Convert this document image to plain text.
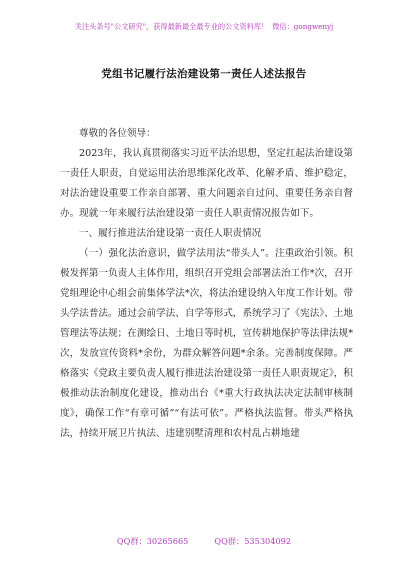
关注头条号"公文研究"，获得最新最全最专业的公文资料库！ 微信：gongwenyj
党组书记履行法治建设第一责任人述法报告

尊敬的各位领导：

2023年，我认真贯彻落实习近平法治思想，坚定扛起法治建设第一责任人职责，自觉运用法治思维深化改革、化解矛盾、维护稳定，对法治建设重要工作亲自部署、重大问题亲自过问、重要任务亲自督办。现就一年来履行法治建设第一责任人职责情况报告如下。

一、履行推进法治建设第一责任人职责情况

（一）强化法治意识，做学法用法“带头人”。注重政治引领。积极发挥第一负责人主体作用，组织召开党组会部署法治工作*次，召开党组理论中心组会前集体学法*次，将法治建设纳入年度工作计划。带头学法普法。通过会前学法、自学等形式，系统学习了《宪法》、土地管理法等法规；在测绘日、土地日等时机，宣传耕地保护等法律法规*次，发放宣传资料*余份，为群众解答问题*余条。完善制度保障。严格落实《党政主要负责人履行推进法治建设第一责任人职责规定》，积极推动法治制度化建设，推动出台《*重大行政执法决定法制审核制度》，确保工作“有章可循”“有法可依”。严格执法监督。带头严格执法，持续开展卫片执法、违建别墅清理和农村乱占耕地建

QQ群：30265665	QQ群：535304092
